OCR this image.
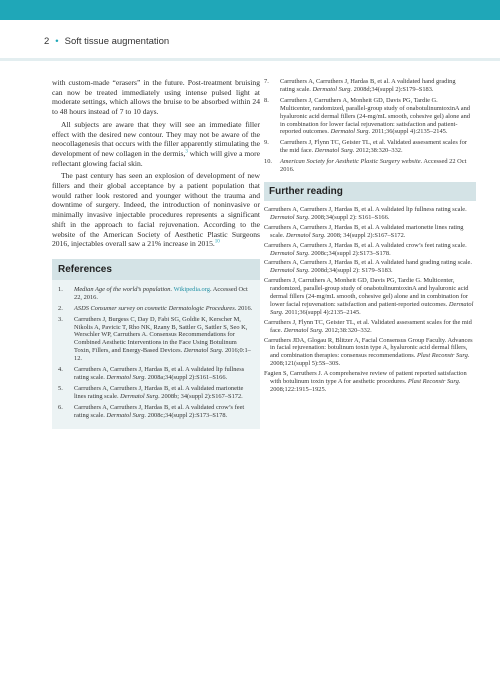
2 • Soft tissue augmentation

with custom-made “erasers” in the future. Post-treatment bruising can now be treated immediately using intense pulsed light at moderate settings, which allows the bruise to be absorbed within 24 to 48 hours instead of 7 to 10 days.

All subjects are aware that they will see an immediate filler effect with the desired new contour. They may not be aware of the neocollagenesis that occurs with the filler apparently stimulating the development of new collagen in the dermis,$^3$ which will give a more reflectant glowing facial skin.

The past century has seen an explosion of development of new fillers and their global acceptance by a patient population that would rather look restored and younger without the trauma and downtime of surgery. Indeed, the introduction of noninvasive or minimally invasive injectable procedures represents a significant shift in the approach to facial rejuvenation. According to the website of the American Society of Aesthetic Plastic Surgeons 2016, injectables overall saw a 21% increase in 2015.10

References
1. Median Age of the world’s population. Wikipedia.org. Accessed Oct 22, 2016.
2. ASDS Consumer survey on cosmetic Dermatologic Procedures. 2016.
3. Carruthers J, Burgess C, Day D, Fabi SG, Goldie K, Kerscher M, Nikolis A, Pavicic T, Rho NK, Rzany B, Sattler G, Sattler S, Seo K, Werschler WP, Carruthers A. Consensus Recommendations for Combined Aesthetic Interventions in the Face Using Botulinum Toxin, Fillers, and Energy-Based Devices. Dermatol Surg. 2016;0:1–12.
4. Carruthers A, Carruthers J, Hardas B, et al. A validated lip fullness rating scale. Dermatol Surg. 2008a;34(suppl 2):S161–S166.
5. Carruthers A, Carruthers J, Hardas B, et al. A validated marionette lines rating scale. Dermatol Surg. 2008b; 34(suppl 2):S167–S172.
6. Carruthers A, Carruthers J, Hardas B, et al. A validated crow’s feet rating scale. Dermatol Surg. 2008c;34(suppl 2):S173–S178.
7. Carruthers A, Carruthers J, Hardas B, et al. A validated hand grading rating scale. Dermatol Surg. 2008d;34(suppl 2):S179–S183.
8. Carruthers J, Carruthers A, Monheit GD, Davis PG, Tardie G. Multicenter, randomized, parallel-group study of onabotulinumtoxinA and hyaluronic acid dermal fillers (24-mg/mL smooth, cohesive gel) alone and in combination for lower facial rejuvenation: satisfaction and patient-reported outcomes. Dermatol Surg. 2011;36(suppl 4):2135–2145.
9. Carruthers J, Flynn TC, Geister TL, et al. Validated assessment scales for the mid face. Dermatol Surg. 2012;38:320–332.
10. American Society for Aesthetic Plastic Surgery website. Accessed 22 Oct 2016.
Further reading

Carruthers A, Carruthers J, Hardas B, et al. A validated lip fullness rating scale. Dermatol Surg. 2008;34(suppl 2): S161–S166.

Carruthers A, Carruthers J, Hardas B, et al. A validated marionette lines rating scale. Dermatol Surg. 2008; 34(suppl 2):S167–S172.

Carruthers A, Carruthers J, Hardas B, et al. A validated crow’s feet rating scale. Dermatol Surg. 2008c;34(suppl 2):S173–S178.

Carruthers A, Carruthers J, Hardas B, et al. A validated hand grading rating scale. Dermatol Surg. 2008d;34(suppl 2): S179–S183.

Carruthers J, Carruthers A, Monheit GD, Davis PG, Tardie G. Multicenter, randomized, parallel-group study of onabotulinumtoxinA and hyaluronic acid dermal fillers (24-mg/mL smooth, cohesive gel) alone and in combination for lower facial rejuvenation: satisfaction and patient-reported outcomes. Dermatol Surg. 2011;36(suppl 4):2135–2145.

Carruthers J, Flynn TC, Geister TL, et al. Validated assessment scales for the mid face. Dermatol Surg. 2012;38:320–332.

Carruthers JDA, Glogau R, Blitzer A, Facial Consensus Group Faculty. Advances in facial rejuvenation: botulinum toxin type A, hyaluronic acid dermal fillers, and combination therapies: consensus recommendations. Plast Reconstr Surg. 2008;121(suppl 5):5S–30S.

Fagien S, Carruthers J. A comprehensive review of patient reported satisfaction with botulinum toxin type A for aesthetic procedures. Plast Reconstr Surg. 2008;122:1915–1925.
